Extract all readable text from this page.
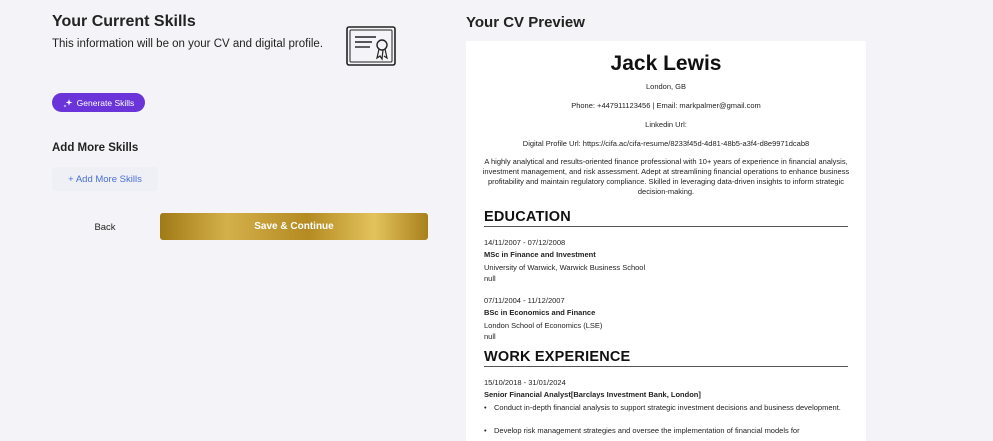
Your Current Skills
This information will be on your CV and digital profile.
Generate Skills
Add More Skills
+ Add More Skills
Back	Save & Continue
Your CV Preview
Jack Lewis
London, GB
Phone: +447911123456 | Email: markpalmer@gmail.com
Linkedin Url:
Digital Profile Url: https://cifa.ac/cifa-resume/8233f45d-4d81-48b5-a3f4-d8e9971dcab8
A highly analytical and results-oriented finance professional with 10+ years of experience in financial analysis, investment management, and risk assessment. Adept at streamlining financial operations to enhance business profitability and maintain regulatory compliance. Skilled in leveraging data-driven insights to inform strategic decision-making.
EDUCATION
14/11/2007 - 07/12/2008
MSc in Finance and Investment
University of Warwick, Warwick Business School
null
07/11/2004 - 11/12/2007
BSc in Economics and Finance
London School of Economics (LSE)
null
WORK EXPERIENCE
15/10/2018 - 31/01/2024
Senior Financial Analyst[Barclays Investment Bank, London]
• Conduct in-depth financial analysis to support strategic investment decisions and business development.
• Develop risk management strategies and oversee the implementation of financial models for
